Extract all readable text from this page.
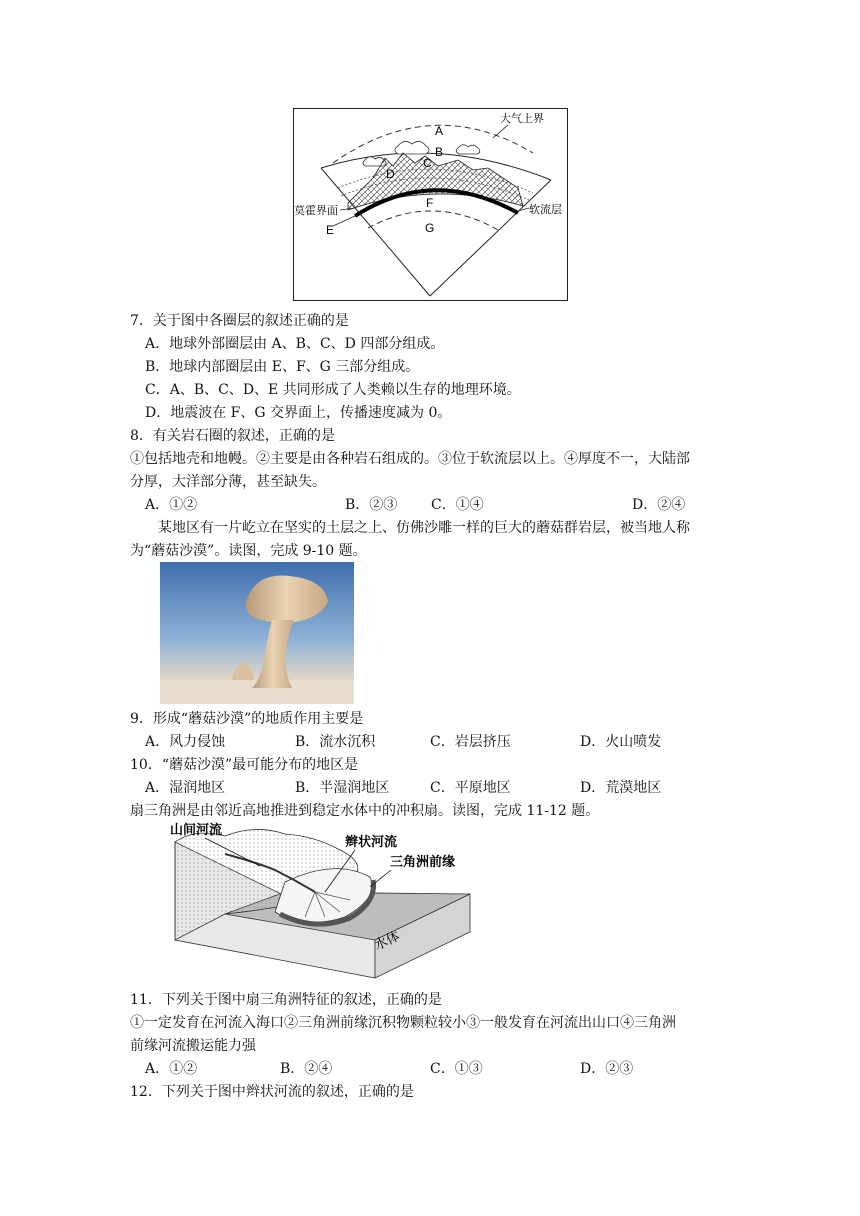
A
B
C
D
F
G
E
大气上界
莫霍界面	软流层
7．关于图中各圈层的叙述正确的是
A．地球外部圈层由 A、B、C、D 四部分组成。
B．地球内部圈层由 E、F、G 三部分组成。
C．A、B、C、D、E 共同形成了人类赖以生存的地理环境。
D．地震波在 F、G 交界面上，传播速度减为 0。
8．有关岩石圈的叙述，正确的是
①包括地壳和地幔。②主要是由各种岩石组成的。③位于软流层以上。④厚度不一，大陆部
分厚，大洋部分薄，甚至缺失。
A．①②	B．②③ C．①④	D．②④
某地区有一片屹立在坚实的土层之上、仿佛沙雕一样的巨大的蘑菇群岩层，被当地人称
为“蘑菇沙漠”。读图，完成 9-10 题。
9．形成“蘑菇沙漠”的地质作用主要是
A．风力侵蚀	B．流水沉积	C．岩层挤压	D．火山喷发
10．“蘑菇沙漠”最可能分布的地区是
A．湿润地区	B．半湿润地区	C．平原地区	D．荒漠地区
扇三角洲是由邻近高地推进到稳定水体中的冲积扇。读图，完成 11-12 题。
山间河流
辫状河流
三角洲前缘
水体
11．下列关于图中扇三角洲特征的叙述，正确的是
①一定发育在河流入海口②三角洲前缘沉积物颗粒较小③一般发育在河流出山口④三角洲
前缘河流搬运能力强
A．①②	B．②④	C．①③	D．②③
12．下列关于图中辫状河流的叙述，正确的是
